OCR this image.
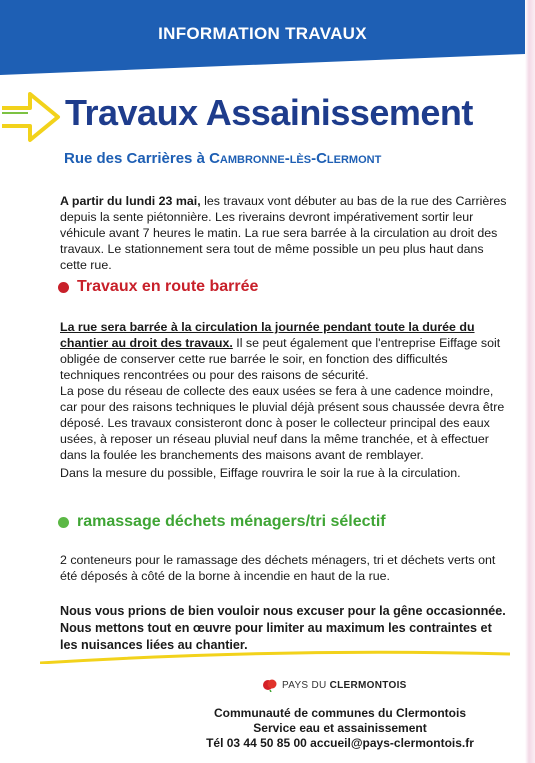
INFORMATION TRAVAUX
Travaux Assainissement
Rue des Carrières à Cambronne-lès-Clermont
A partir du lundi 23 mai, les travaux vont débuter au bas de la rue des Carrières depuis la sente piétonnière. Les riverains devront impérativement sortir leur véhicule avant 7 heures le matin. La rue sera barrée à la circulation au droit des travaux. Le stationnement sera tout de même possible un peu plus haut dans cette rue.
Travaux en route barrée
La rue sera barrée à la circulation la journée pendant toute la durée du chantier au droit des travaux. Il se peut également que l'entreprise Eiffage soit obligée de conserver cette rue barrée le soir, en fonction des difficultés techniques rencontrées ou pour des raisons de sécurité.
La pose du réseau de collecte des eaux usées se fera à une cadence moindre, car pour des raisons techniques le pluvial déjà présent sous chaussée devra être déposé. Les travaux consisteront donc à poser le collecteur principal des eaux usées, à reposer un réseau pluvial neuf dans la même tranchée, et à effectuer dans la foulée les branchements des maisons avant de remblayer.
Dans la mesure du possible, Eiffage rouvrira le soir la rue à la circulation.
ramassage déchets ménagers/tri sélectif
2 conteneurs pour le ramassage des déchets ménagers, tri et déchets verts ont été déposés à côté de la borne à incendie en haut de la rue.
Nous vous prions de bien vouloir nous excuser pour la gêne occasionnée. Nous mettons tout en œuvre pour limiter au maximum les contraintes et les nuisances liées au chantier.
PAYS DU CLERMONTOIS
Communauté de communes du Clermontois
Service eau et assainissement
Tél 03 44 50 85 00 accueil@pays-clermontois.fr
